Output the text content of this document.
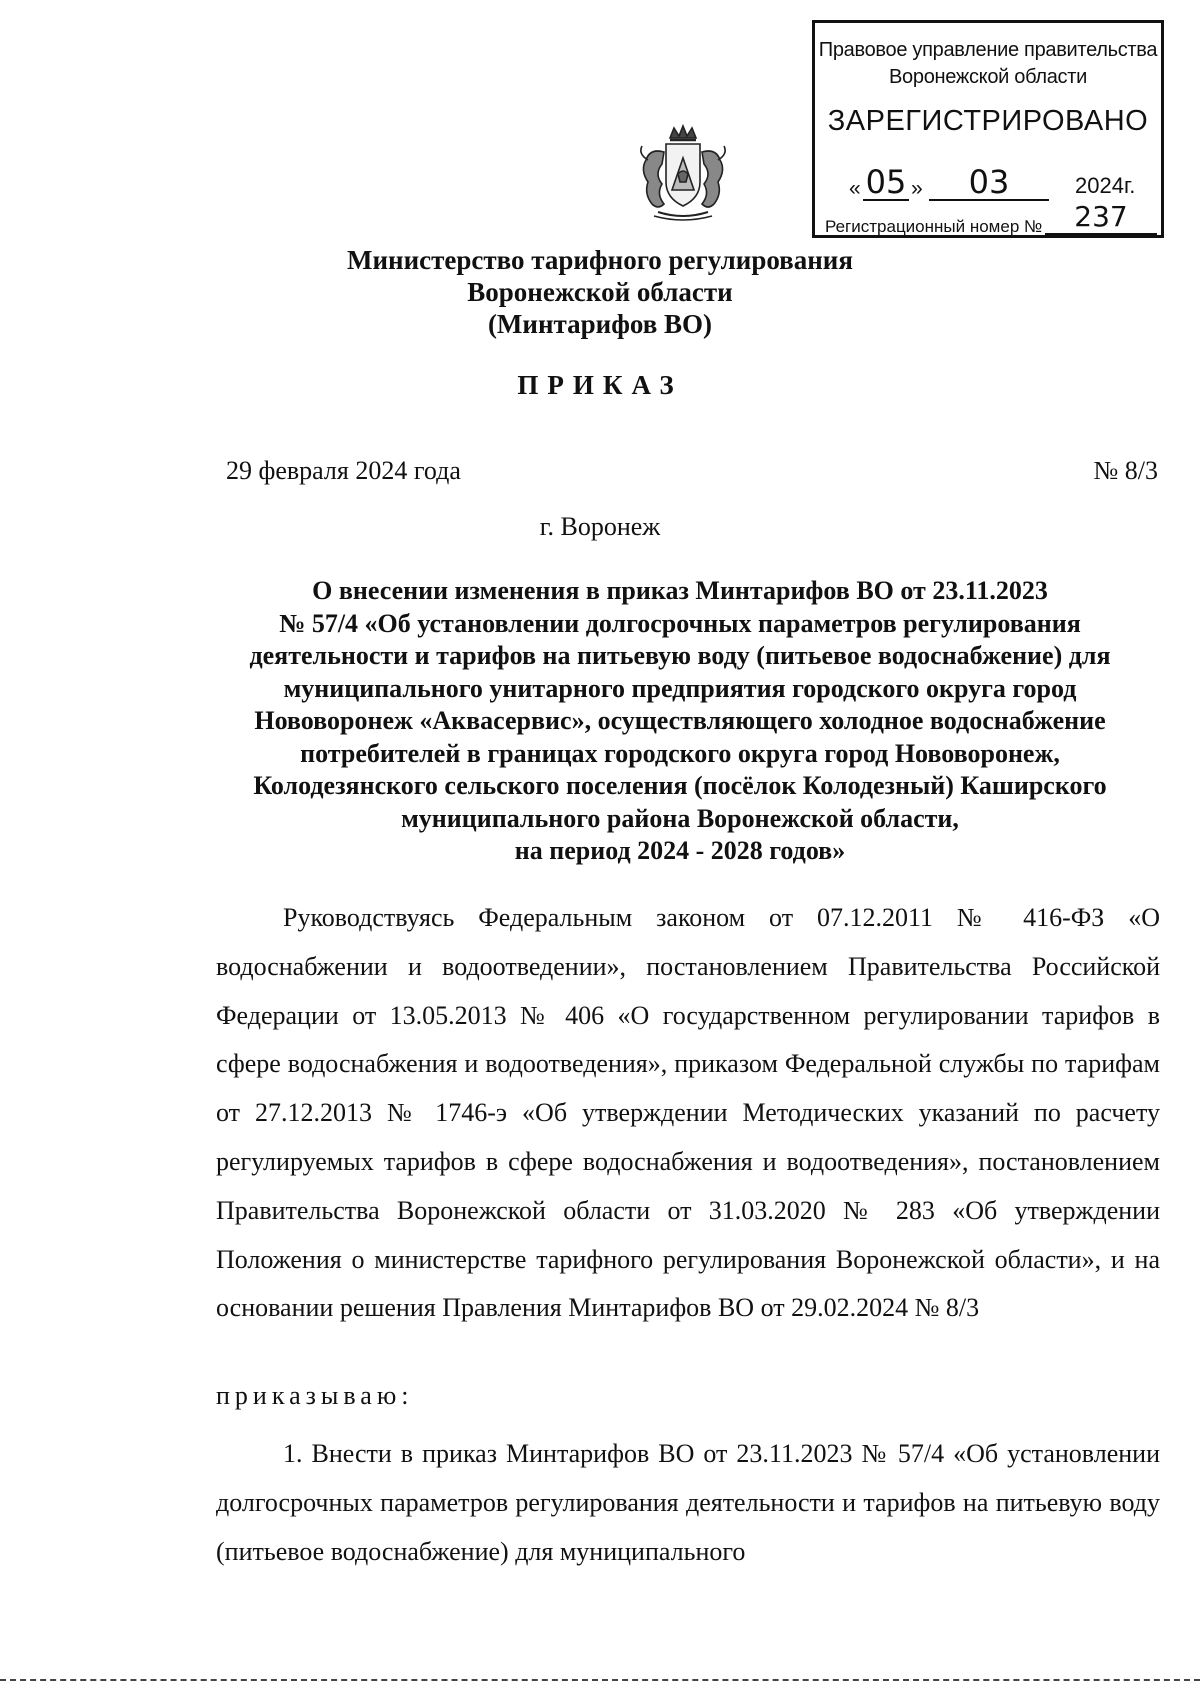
Правовое управление правительства
Воронежской области
ЗАРЕГИСТРИРОВАНО
« 05 »	03	2024г.
Регистрационный номер №	237
Министерство тарифного регулирования
Воронежской области
(Минтарифов ВО)
ПРИКАЗ
29 февраля 2024 года	№ 8/3
г. Воронеж
О внесении изменения в приказ Минтарифов ВО от 23.11.2023
№ 57/4 «Об установлении долгосрочных параметров регулирования
деятельности и тарифов на питьевую воду (питьевое водоснабжение) для
муниципального унитарного предприятия городского округа город
Нововоронеж «Аквасервис», осуществляющего холодное водоснабжение
потребителей в границах городского округа город Нововоронеж,
Колодезянского сельского поселения (посёлок Колодезный) Каширского
муниципального района Воронежской области,
на период 2024 - 2028 годов»
Руководствуясь Федеральным законом от 07.12.2011 № 416-ФЗ «О водоснабжении и водоотведении», постановлением Правительства Российской Федерации от 13.05.2013 № 406 «О государственном регулировании тарифов в сфере водоснабжения и водоотведения», приказом Федеральной службы по тарифам от 27.12.2013 № 1746-э «Об утверждении Методических указаний по расчету регулируемых тарифов в сфере водоснабжения и водоотведения», постановлением Правительства Воронежской области от 31.03.2020 № 283 «Об утверждении Положения о министерстве тарифного регулирования Воронежской области», и на основании решения Правления Минтарифов ВО от 29.02.2024 № 8/3
приказываю:
1. Внести в приказ Минтарифов ВО от 23.11.2023 № 57/4 «Об установлении долгосрочных параметров регулирования деятельности и тарифов на питьевую воду (питьевое водоснабжение) для муниципального
